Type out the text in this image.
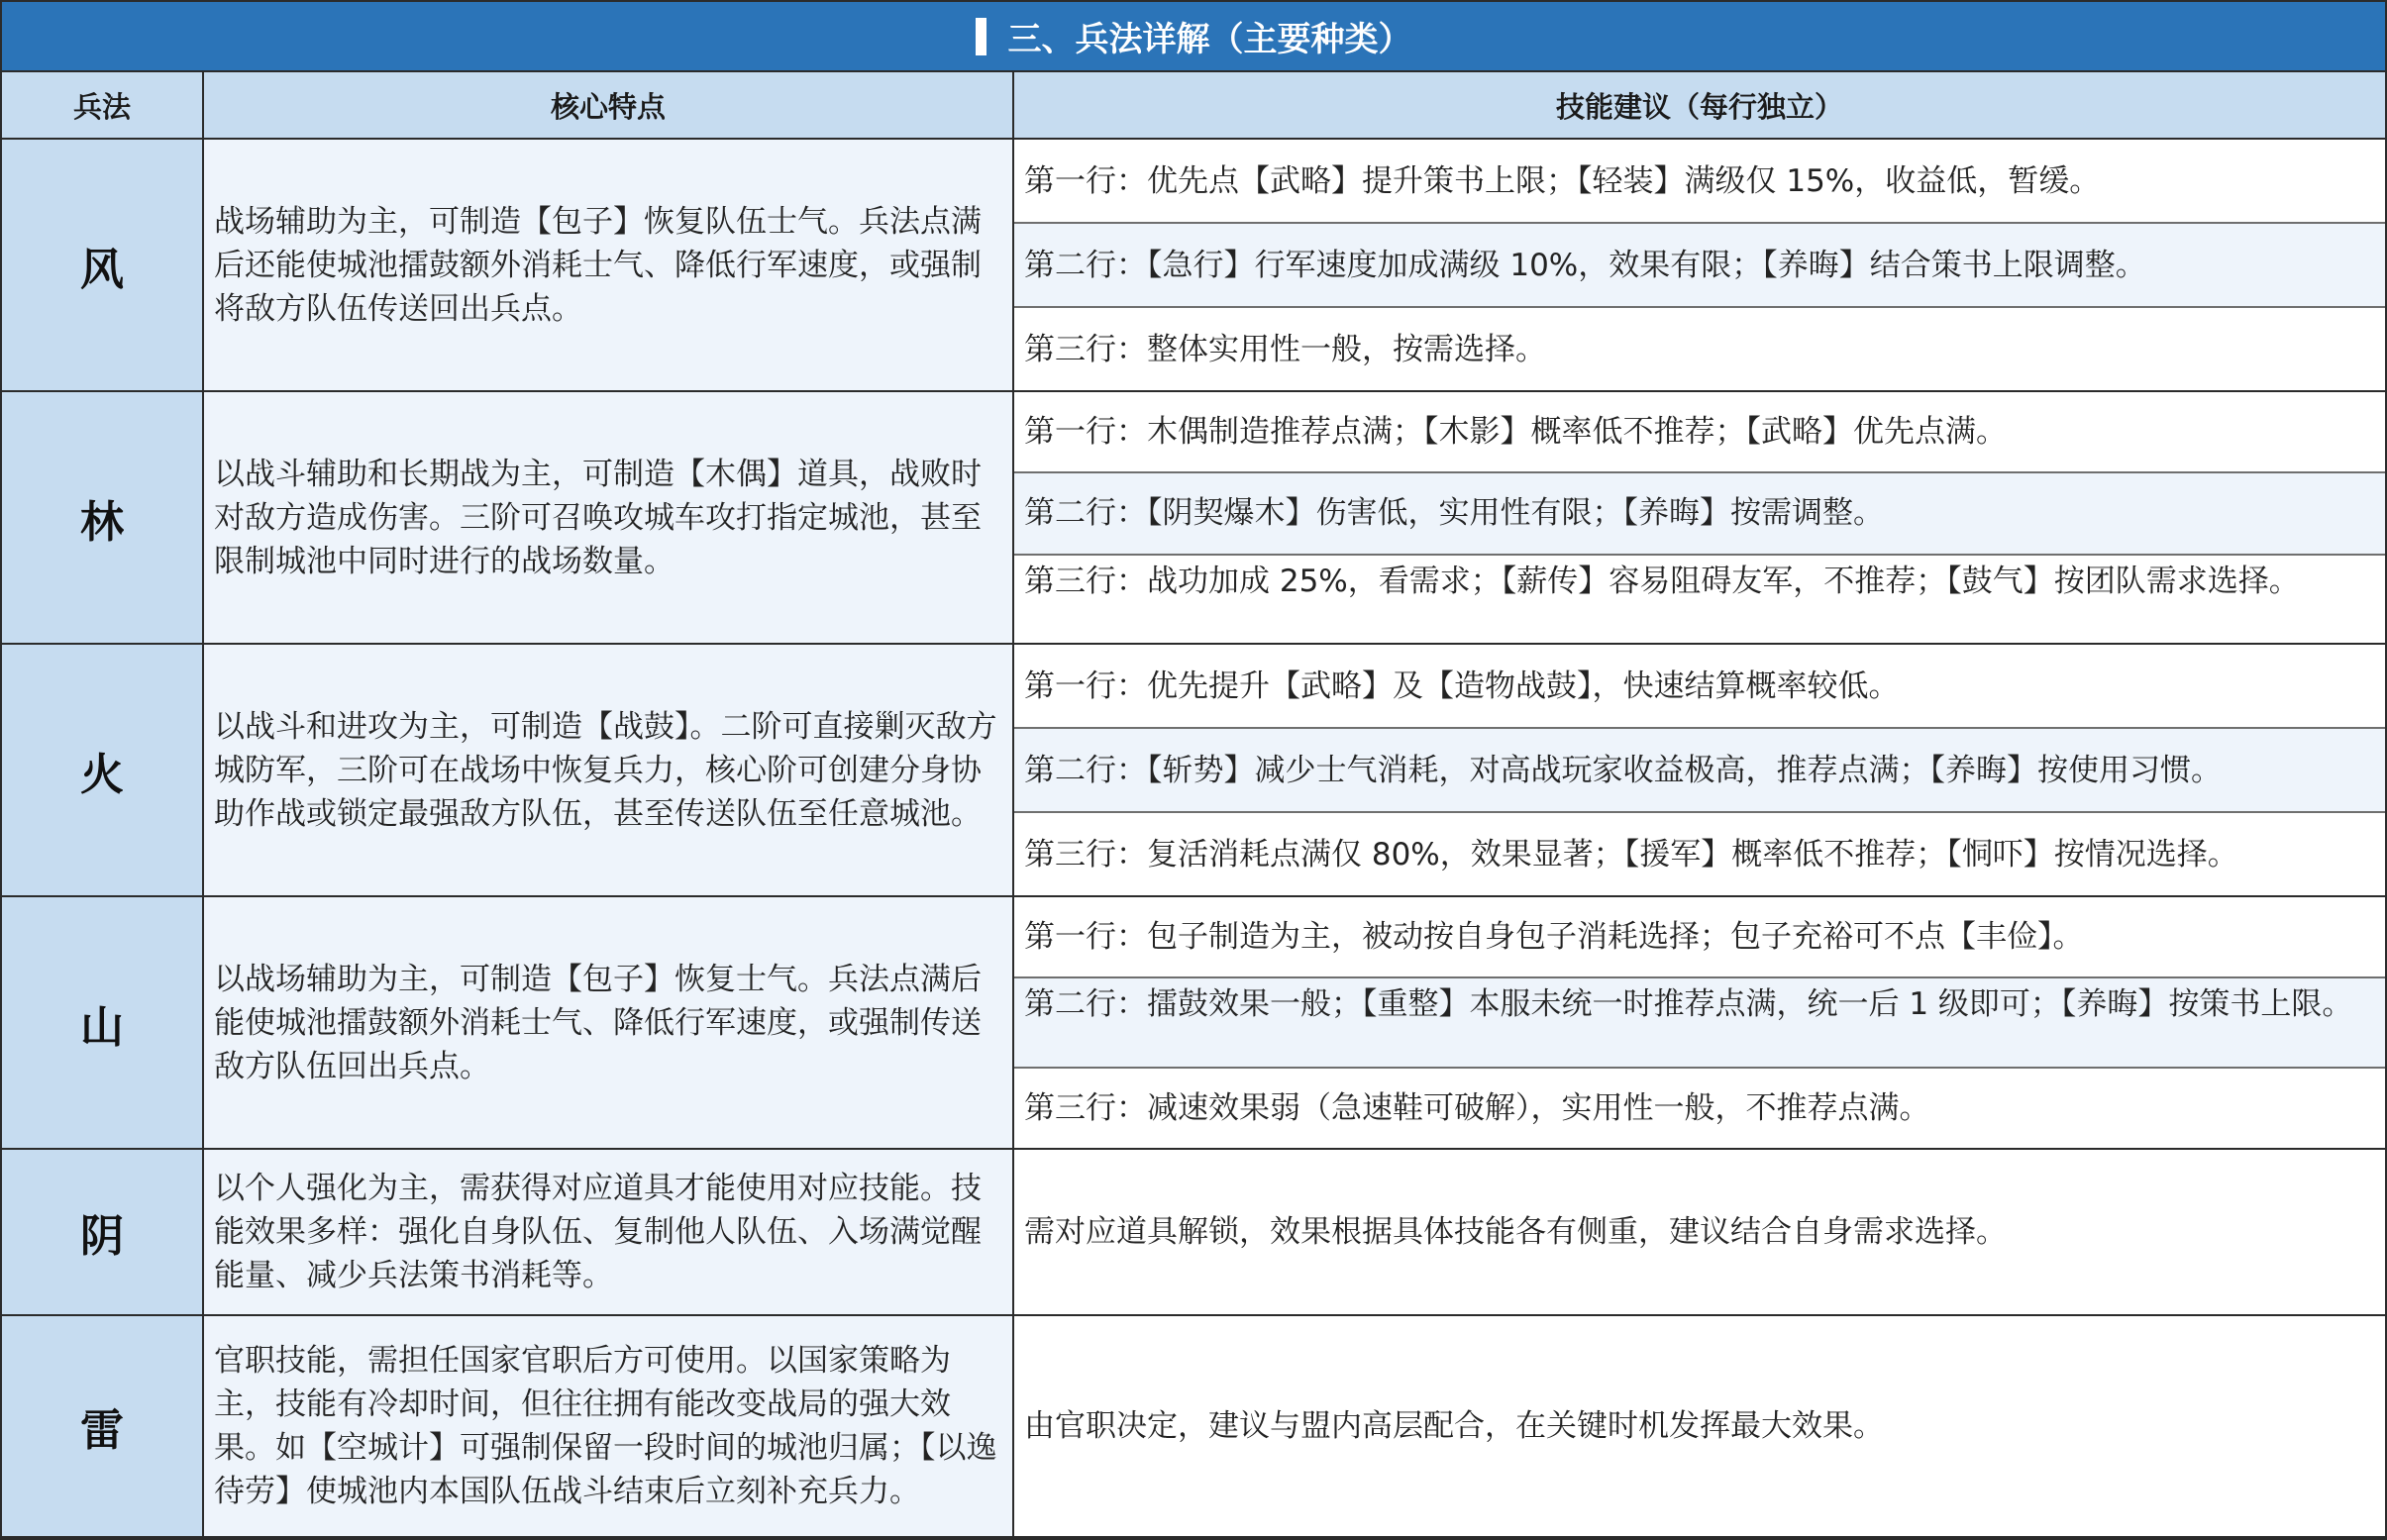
三、兵法详解（主要种类）
兵法	核心特点	技能建议（每行独立）
风
战场辅助为主，可制造【包子】恢复队伍士气。兵法点满后还能使城池擂鼓额外消耗士气、降低行军速度，或强制将敌方队伍传送回出兵点。
第一行：优先点【武略】提升策书上限；【轻装】满级仅 15%，收益低，暂缓。
第二行：【急行】行军速度加成满级 10%，效果有限；【养晦】结合策书上限调整。
第三行：整体实用性一般，按需选择。
林
以战斗辅助和长期战为主，可制造【木偶】道具，战败时对敌方造成伤害。三阶可召唤攻城车攻打指定城池，甚至限制城池中同时进行的战场数量。
第一行：木偶制造推荐点满；【木影】概率低不推荐；【武略】优先点满。
第二行：【阴契爆木】伤害低，实用性有限；【养晦】按需调整。
第三行：战功加成 25%，看需求；【薪传】容易阻碍友军，不推荐；【鼓气】按团队需求选择。
火
以战斗和进攻为主，可制造【战鼓】。二阶可直接剿灭敌方城防军，三阶可在战场中恢复兵力，核心阶可创建分身协助作战或锁定最强敌方队伍，甚至传送队伍至任意城池。
第一行：优先提升【武略】及【造物战鼓】，快速结算概率较低。
第二行：【斩势】减少士气消耗，对高战玩家收益极高，推荐点满；【养晦】按使用习惯。
第三行：复活消耗点满仅 80%，效果显著；【援军】概率低不推荐；【恫吓】按情况选择。
山
以战场辅助为主，可制造【包子】恢复士气。兵法点满后能使城池擂鼓额外消耗士气、降低行军速度，或强制传送敌方队伍回出兵点。
第一行：包子制造为主，被动按自身包子消耗选择；包子充裕可不点【丰俭】。
第二行：擂鼓效果一般；【重整】本服未统一时推荐点满，统一后 1 级即可；【养晦】按策书上限。
第三行：减速效果弱（急速鞋可破解），实用性一般，不推荐点满。
阴
以个人强化为主，需获得对应道具才能使用对应技能。技能效果多样：强化自身队伍、复制他人队伍、入场满觉醒能量、减少兵法策书消耗等。
需对应道具解锁，效果根据具体技能各有侧重，建议结合自身需求选择。
雷
官职技能，需担任国家官职后方可使用。以国家策略为主，技能有冷却时间，但往往拥有能改变战局的强大效果。如【空城计】可强制保留一段时间的城池归属；【以逸待劳】使城池内本国队伍战斗结束后立刻补充兵力。
由官职决定，建议与盟内高层配合，在关键时机发挥最大效果。
